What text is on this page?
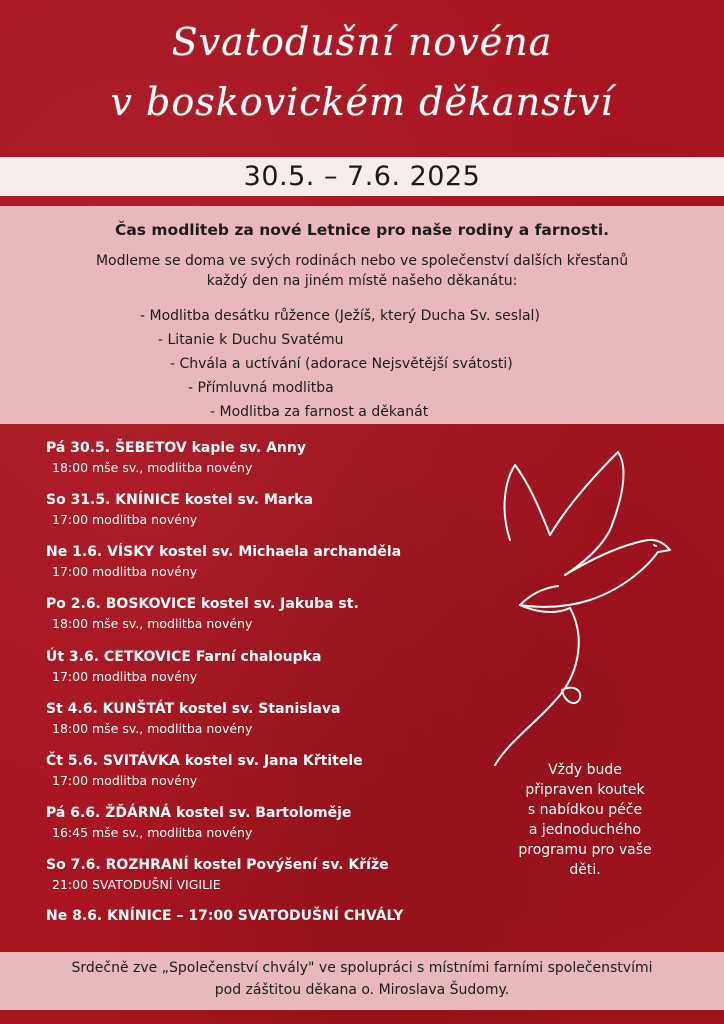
Svatodušní novéna
v boskovickém děkanství
30.5. – 7.6. 2025
Čas modliteb za nové Letnice pro naše rodiny a farnosti.
Modleme se doma ve svých rodinách nebo ve společenství dalších křesťanů
každý den na jiném místě našeho děkanátu:
- Modlitba desátku růžence (Ježíš, který Ducha Sv. seslal)
- Litanie k Duchu Svatému
- Chvála a uctívání (adorace Nejsvětější svátosti)
- Přímluvná modlitba
- Modlitba za farnost a děkanát
Pá 30.5. ŠEBETOV kaple sv. Anny
18:00 mše sv., modlitba novény
So 31.5. KNÍNICE kostel sv. Marka
17:00 modlitba novény
Ne 1.6. VÍSKY kostel sv. Michaela archanděla
17:00 modlitba novény
Po 2.6. BOSKOVICE kostel sv. Jakuba st.
18:00 mše sv., modlitba novény
Út 3.6. CETKOVICE Farní chaloupka
17:00 modlitba novény
St 4.6. KUNŠTÁT kostel sv. Stanislava
18:00 mše sv., modlitba novény
Čt 5.6. SVITÁVKA kostel sv. Jana Křtitele
17:00 modlitba novény
Pá 6.6. ŽĎÁRNÁ kostel sv. Bartoloměje
16:45 mše sv., modlitba novény
So 7.6. ROZHRANÍ kostel Povýšení sv. Kříže
21:00 SVATODUŠNÍ VIGILIE
Ne 8.6. KNÍNICE – 17:00 SVATODUŠNÍ CHVÁLY
Vždy bude
připraven koutek
s nabídkou péče
a jednoduchého
programu pro vaše
děti.
Srdečně zve „Společenství chvály" ve spolupráci s místními farními společenstvími
pod záštitou děkana o. Miroslava Šudomy.
